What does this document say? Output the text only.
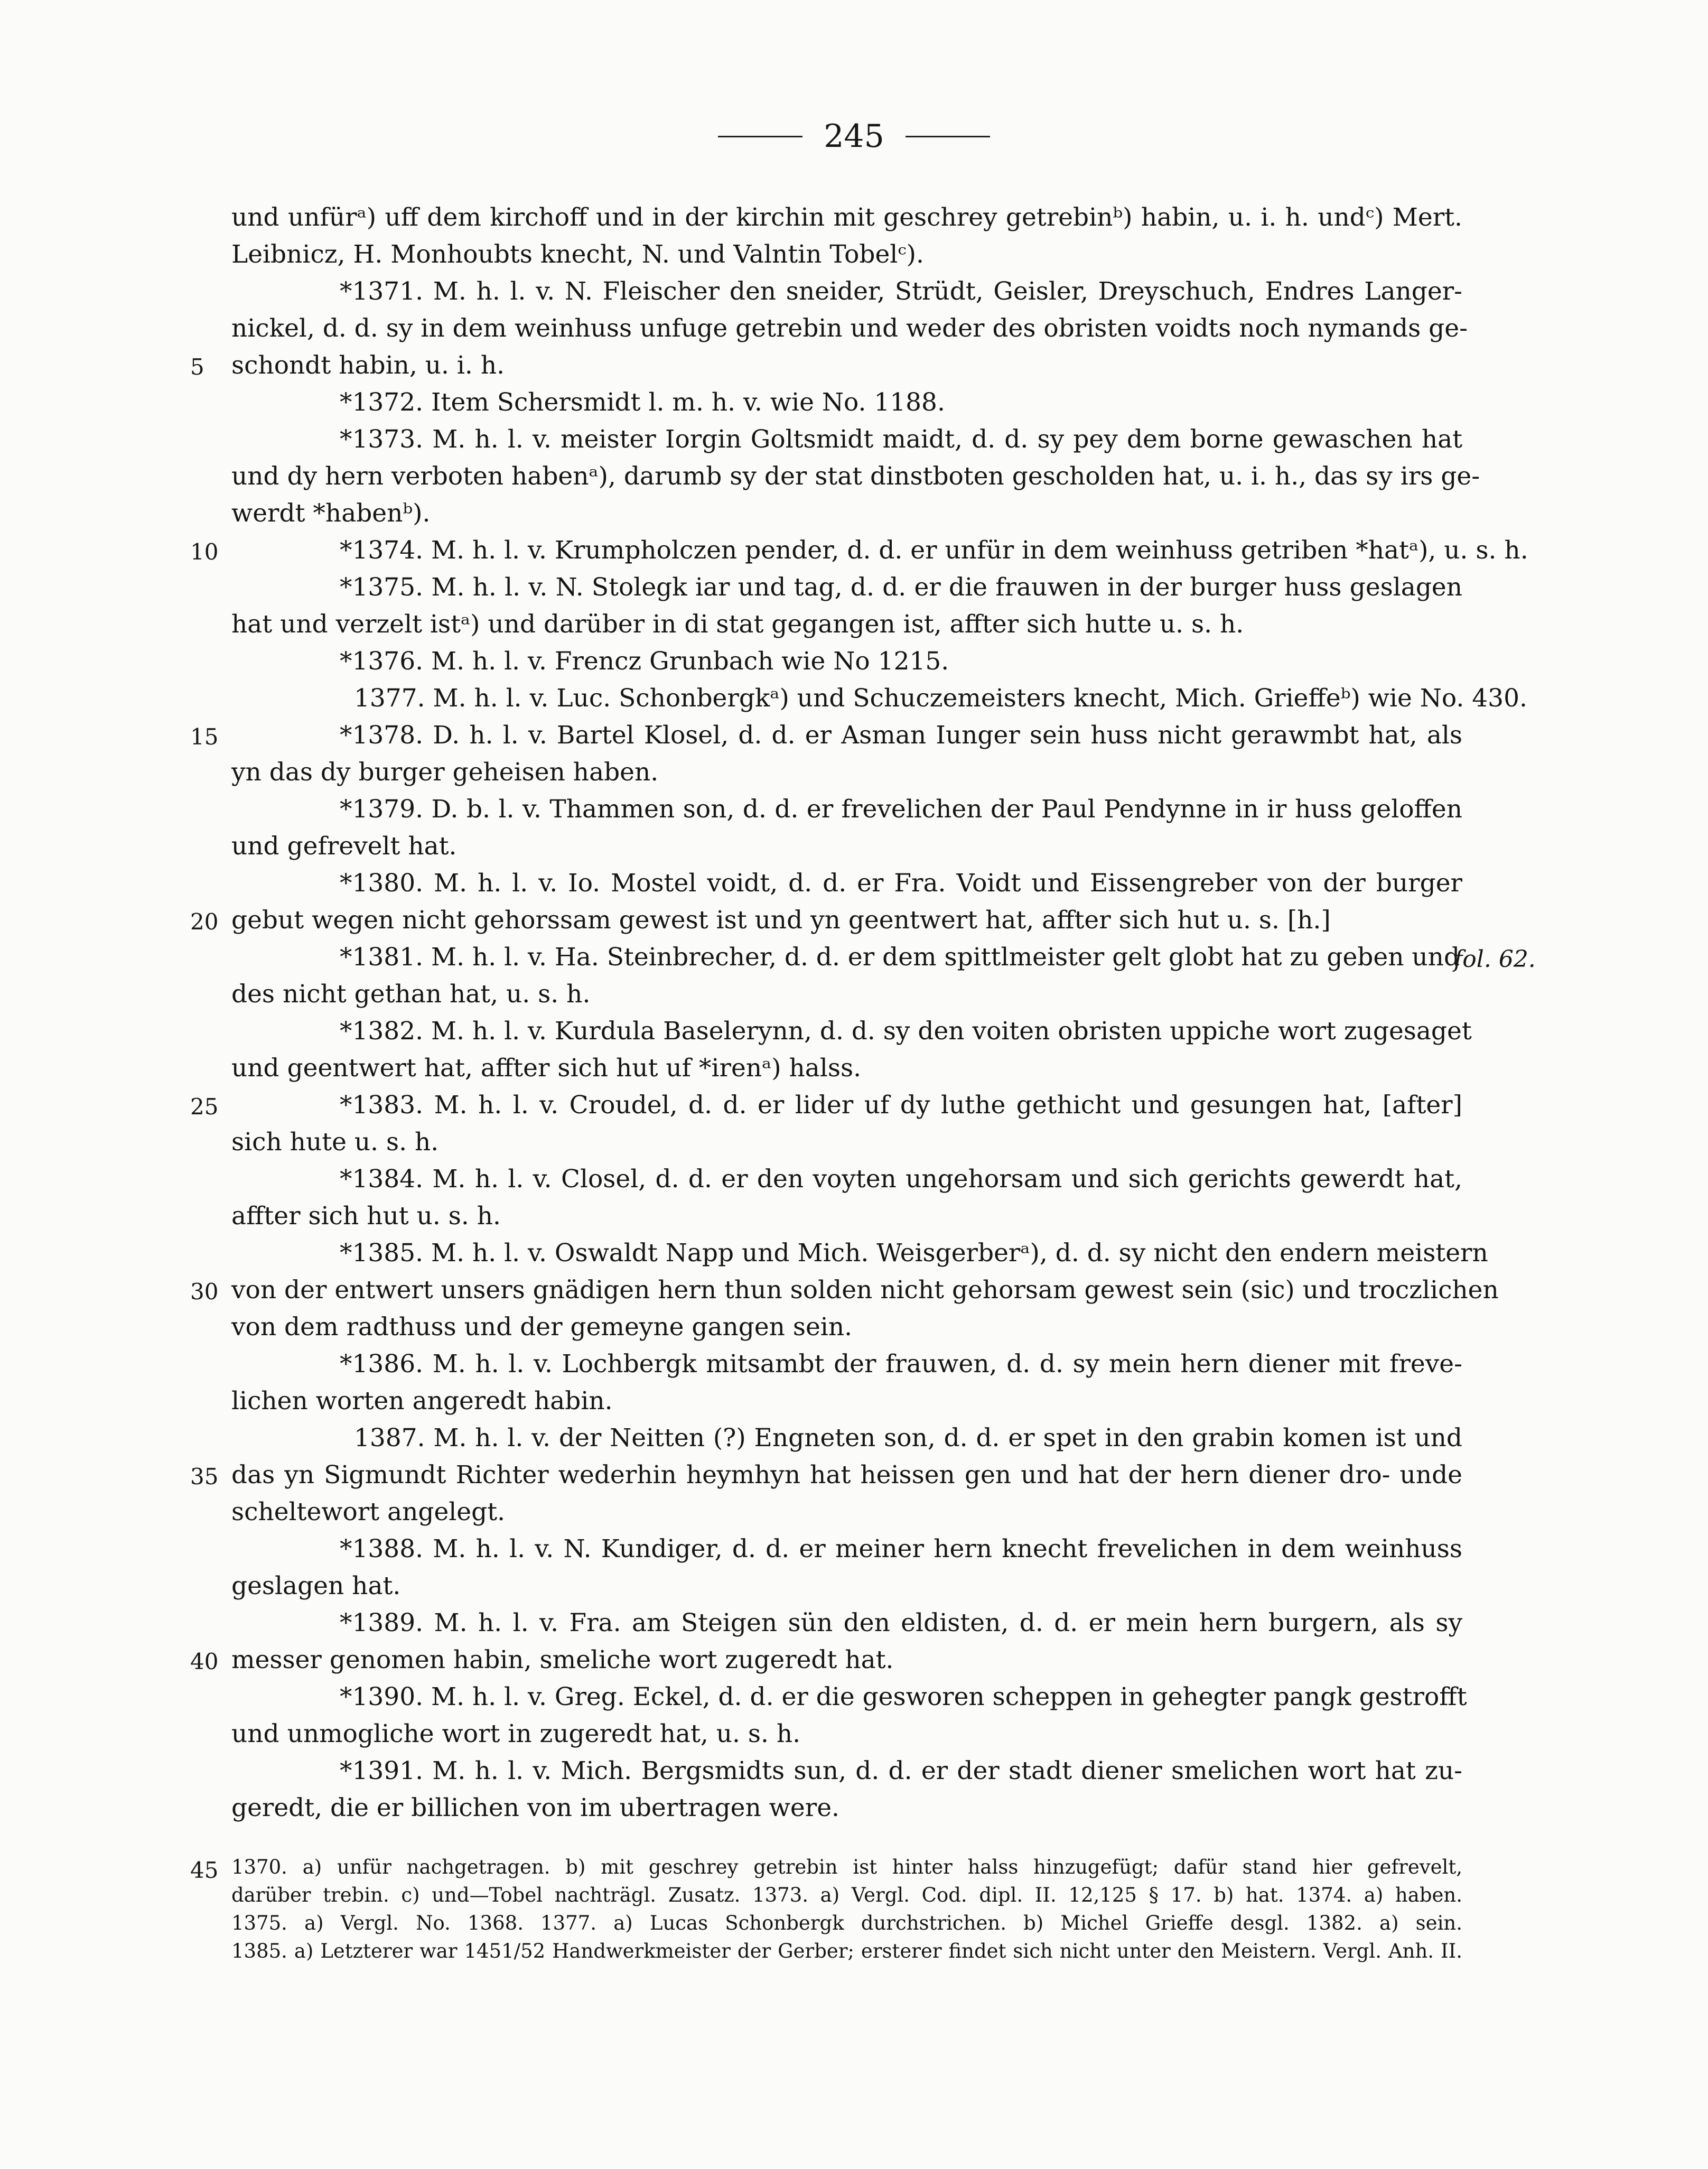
245
und unfürᵃ) uff dem kirchoff und in der kirchin mit geschrey getrebinᵇ) habin, u. i. h. undᶜ) Mert.
Leibnicz, H. Monhoubts knecht, N. und Valntin Tobelᶜ).
*1371. M. h. l. v. N. Fleischer den sneider, Strüdt, Geisler, Dreyschuch, Endres Langer-
nickel, d. d. sy in dem weinhuss unfuge getrebin und weder des obristen voidts noch nymands ge-
schondt habin, u. i. h.
*1372. Item Schersmidt l. m. h. v. wie No. 1188.
*1373. M. h. l. v. meister Iorgin Goltsmidt maidt, d. d. sy pey dem borne gewaschen hat
und dy hern verboten habenᵃ), darumb sy der stat dinstboten gescholden hat, u. i. h., das sy irs ge-
werdt *habenᵇ).
*1374. M. h. l. v. Krumpholczen pender, d. d. er unfür in dem weinhuss getriben *hatᵃ), u. s. h.
*1375. M. h. l. v. N. Stolegk iar und tag, d. d. er die frauwen in der burger huss geslagen
hat und verzelt istᵃ) und darüber in di stat gegangen ist, affter sich hutte u. s. h.
*1376. M. h. l. v. Frencz Grunbach wie No 1215.
1377. M. h. l. v. Luc. Schonbergkᵃ) und Schuczemeisters knecht, Mich. Grieffeᵇ) wie No. 430.
*1378. D. h. l. v. Bartel Klosel, d. d. er Asman Iunger sein huss nicht gerawmbt hat, als
yn das dy burger geheisen haben.
*1379. D. b. l. v. Thammen son, d. d. er frevelichen der Paul Pendynne in ir huss geloffen
und gefrevelt hat.
*1380. M. h. l. v. Io. Mostel voidt, d. d. er Fra. Voidt und Eissengreber von der burger
gebut wegen nicht gehorssam gewest ist und yn geentwert hat, affter sich hut u. s. [h.]
*1381. M. h. l. v. Ha. Steinbrecher, d. d. er dem spittlmeister gelt globt hat zu geben und
des nicht gethan hat, u. s. h.
*1382. M. h. l. v. Kurdula Baselerynn, d. d. sy den voiten obristen uppiche wort zugesaget
und geentwert hat, affter sich hut uf *irenᵃ) halss.
*1383. M. h. l. v. Croudel, d. d. er lider uf dy luthe gethicht und gesungen hat, [after]
sich hute u. s. h.
*1384. M. h. l. v. Closel, d. d. er den voyten ungehorsam und sich gerichts gewerdt hat,
affter sich hut u. s. h.
*1385. M. h. l. v. Oswaldt Napp und Mich. Weisgerberᵃ), d. d. sy nicht den endern meistern
von der entwert unsers gnädigen hern thun solden nicht gehorsam gewest sein (sic) und troczlichen
von dem radthuss und der gemeyne gangen sein.
*1386. M. h. l. v. Lochbergk mitsambt der frauwen, d. d. sy mein hern diener mit freve-
lichen worten angeredt habin.
1387. M. h. l. v. der Neitten (?) Engneten son, d. d. er spet in den grabin komen ist und
das yn Sigmundt Richter wederhin heymhyn hat heissen gen und hat der hern diener dro- unde
scheltewort angelegt.
*1388. M. h. l. v. N. Kundiger, d. d. er meiner hern knecht frevelichen in dem weinhuss
geslagen hat.
*1389. M. h. l. v. Fra. am Steigen sün den eldisten, d. d. er mein hern burgern, als sy
messer genomen habin, smeliche wort zugeredt hat.
*1390. M. h. l. v. Greg. Eckel, d. d. er die gesworen scheppen in gehegter pangk gestrofft
und unmogliche wort in zugeredt hat, u. s. h.
*1391. M. h. l. v. Mich. Bergsmidts sun, d. d. er der stadt diener smelichen wort hat zu-
geredt, die er billichen von im ubertragen were.
5
10
15
20
25
30
35
40
45
fol. 62.
1370. a) unfür nachgetragen. b) mit geschrey getrebin ist hinter halss hinzugefügt; dafür stand hier gefrevelt,
darüber trebin. c) und—Tobel nachträgl. Zusatz. 1373. a) Vergl. Cod. dipl. II. 12,125 § 17. b) hat. 1374. a) haben.
1375. a) Vergl. No. 1368. 1377. a) Lucas Schonbergk durchstrichen. b) Michel Grieffe desgl. 1382. a) sein.
1385. a) Letzterer war 1451/52 Handwerkmeister der Gerber; ersterer findet sich nicht unter den Meistern. Vergl. Anh. II.
